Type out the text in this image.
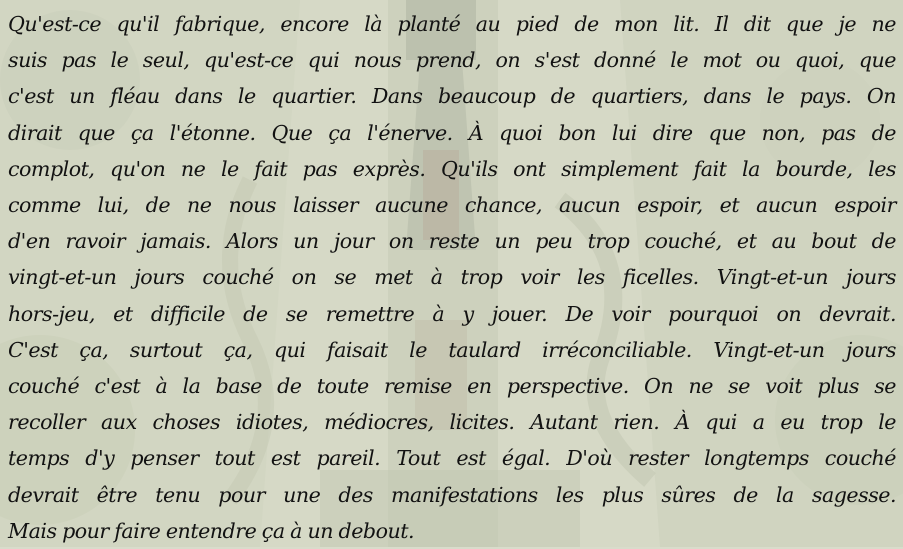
Qu'est-ce qu'il fabrique, encore là planté au pied de mon lit. Il dit que je ne
suis pas le seul, qu'est-ce qui nous prend, on s'est donné le mot ou quoi, que
c'est un fléau dans le quartier. Dans beaucoup de quartiers, dans le pays. On
dirait que ça l'étonne. Que ça l'énerve. À quoi bon lui dire que non, pas de
complot, qu'on ne le fait pas exprès. Qu'ils ont simplement fait la bourde, les
comme lui, de ne nous laisser aucune chance, aucun espoir, et aucun espoir
d'en ravoir jamais. Alors un jour on reste un peu trop couché, et au bout de
vingt-et-un jours couché on se met à trop voir les ficelles. Vingt-et-un jours
hors-jeu, et difficile de se remettre à y jouer. De voir pourquoi on devrait.
C'est ça, surtout ça, qui faisait le taulard irréconciliable. Vingt-et-un jours
couché c'est à la base de toute remise en perspective. On ne se voit plus se
recoller aux choses idiotes, médiocres, licites. Autant rien. À qui a eu trop le
temps d'y penser tout est pareil. Tout est égal. D'où rester longtemps couché
devrait être tenu pour une des manifestations les plus sûres de la sagesse.
Mais pour faire entendre ça à un debout.
